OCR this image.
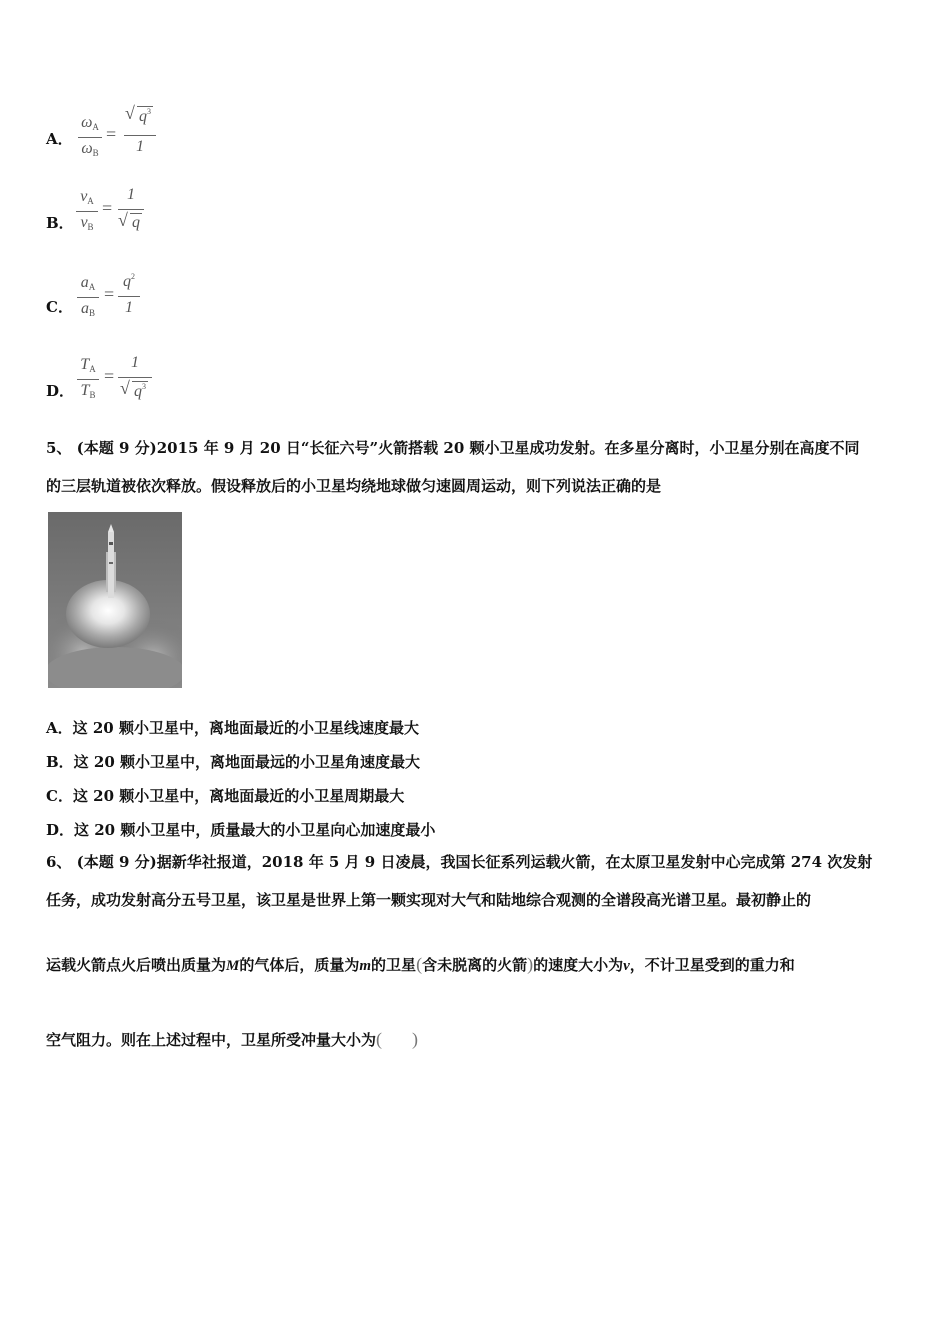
A．
$\omega_A$
$\omega_B$
=
√ $q^3$
1
B．
$v_A$
$v_B$
=
1
√ q
C．
$a_A$
$a_B$
=
$q^2$
1
D．
$T_A$
$T_B$
=
1
√ $q^3$
5、 (本题 9 分)2015 年 9 月 20 日“长征六号”火箭搭载 20 颗小卫星成功发射。在多星分离时，小卫星分别在高度不同
的三层轨道被依次释放。假设释放后的小卫星均绕地球做匀速圆周运动，则下列说法正确的是
A．这 20 颗小卫星中，离地面最近的小卫星线速度最大
B．这 20 颗小卫星中，离地面最远的小卫星角速度最大
C．这 20 颗小卫星中，离地面最近的小卫星周期最大
D．这 20 颗小卫星中，质量最大的小卫星向心加速度最小
6、 (本题 9 分)据新华社报道，2018 年 5 月 9 日凌晨，我国长征系列运载火箭，在太原卫星发射中心完成第 274 次发射
任务，成功发射高分五号卫星，该卫星是世界上第一颗实现对大气和陆地综合观测的全谱段高光谱卫星。最初静止的
运载火箭点火后喷出质量为M的气体后，质量为m的卫星(含未脱离的火箭)的速度大小为v，不计卫星受到的重力和
空气阻力。则在上述过程中，卫星所受冲量大小为( )
